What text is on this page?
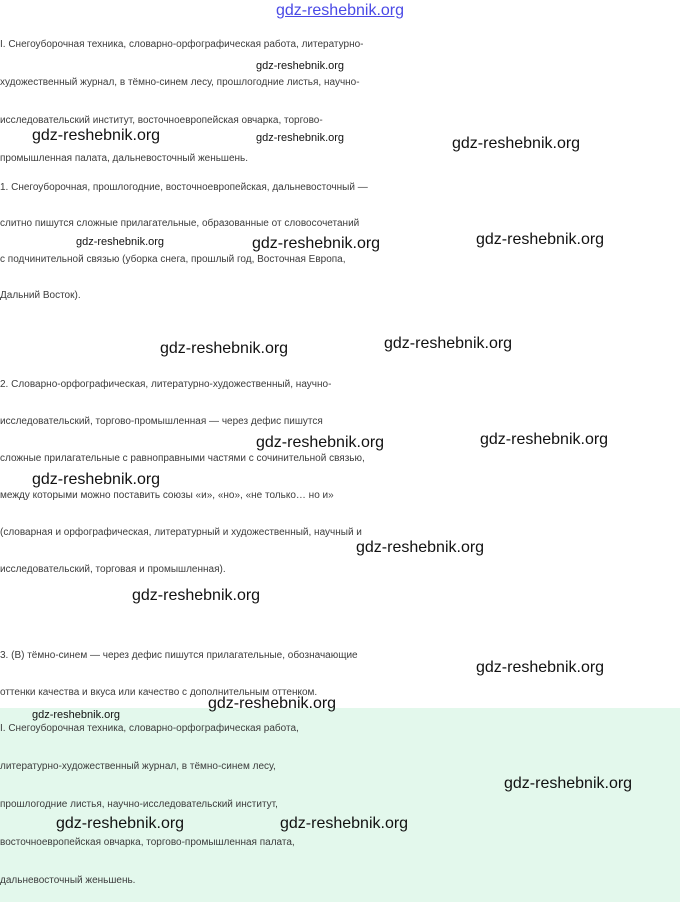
gdz-reshebnik.org
I. Снегоуборочная техника, словарно-орфографическая работа, литературно-
художественный журнал, в тёмно-синем лесу, прошлогодние листья, научно-
исследовательский институт, восточноевропейская овчарка, торгово-
промышленная палата, дальневосточный женьшень.
1. Снегоуборочная, прошлогодние, восточноевропейская, дальневосточный —
слитно пишутся сложные прилагательные, образованные от словосочетаний
с подчинительной связью (уборка снега, прошлый год, Восточная Европа,
Дальний Восток).
2. Словарно-орфографическая, литературно-художественный, научно-
исследовательский, торгово-промышленная — через дефис пишутся
сложные прилагательные с равноправными частями с сочинительной связью,
между которыми можно поставить союзы «и», «но», «не только… но и»
(словарная и орфографическая, литературный и художественный, научный и
исследовательский, торговая и промышленная).
3. (В) тёмно-синем — через дефис пишутся прилагательные, обозначающие
оттенки качества и вкуса или качество с дополнительным оттенком.
I. Снегоуборочная техника, словарно-орфографическая работа,
литературно-художественный журнал, в тёмно-синем лесу,
прошлогодние листья, научно-исследовательский институт,
восточноевропейская овчарка, торгово-промышленная палата,
дальневосточный женьшень.
gdz-reshebnik.org
gdz-reshebnik.org	gdz-reshebnik.org	gdz-reshebnik.org
gdz-reshebnik.org	gdz-reshebnik.org	gdz-reshebnik.org
gdz-reshebnik.org	gdz-reshebnik.org
gdz-reshebnik.org	gdz-reshebnik.org
gdz-reshebnik.org
gdz-reshebnik.org
gdz-reshebnik.org
gdz-reshebnik.org
gdz-reshebnik.org
gdz-reshebnik.org
gdz-reshebnik.org
gdz-reshebnik.org	gdz-reshebnik.org
